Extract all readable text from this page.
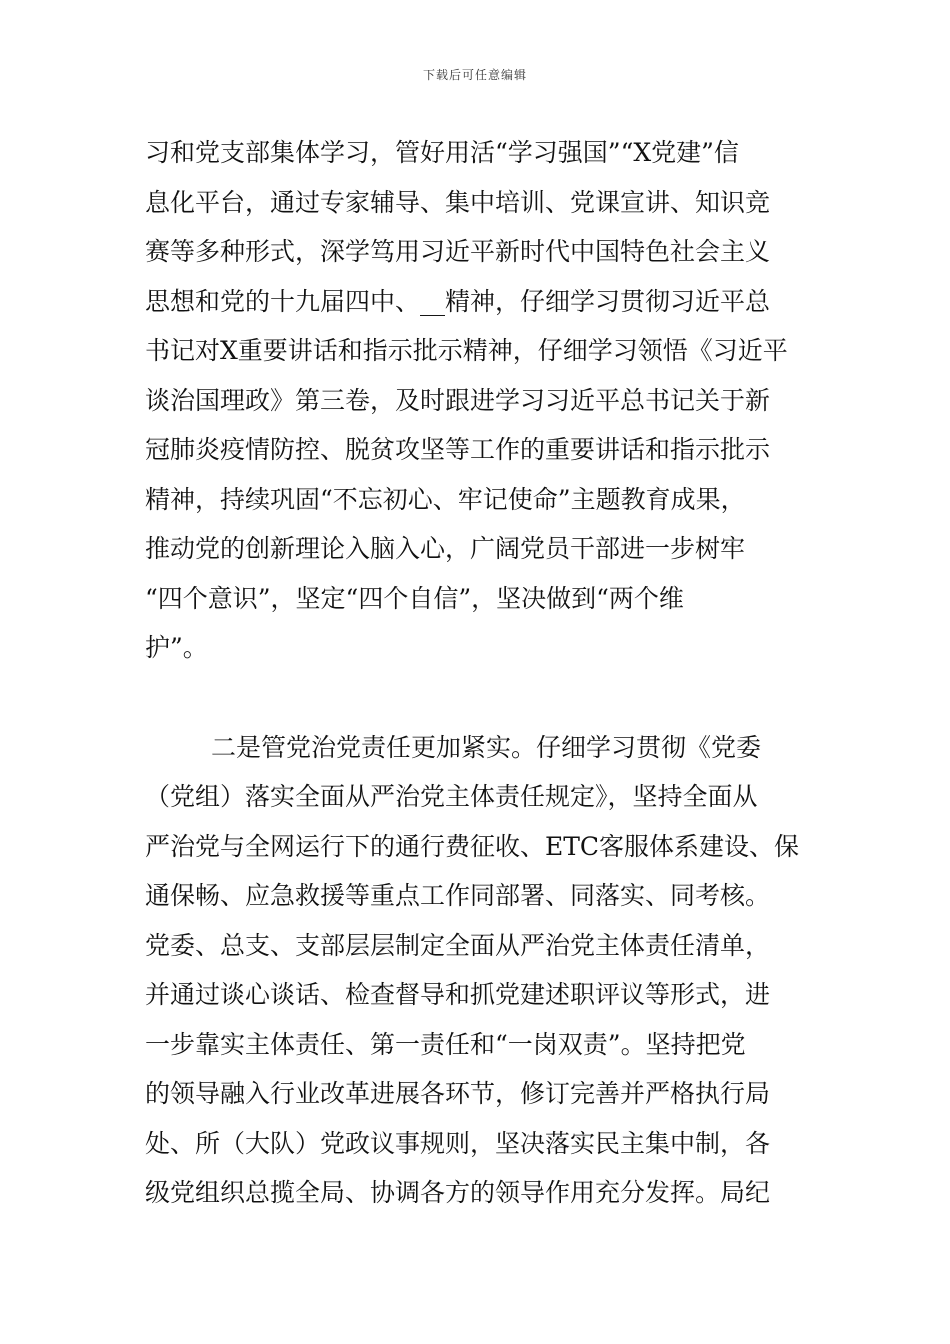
下载后可任意编辑
习和党支部集体学习，管好用活“学习强国”“X党建”信
息化平台，通过专家辅导、集中培训、党课宣讲、知识竞
赛等多种形式，深学笃用习近平新时代中国特色社会主义
思想和党的十九届四中、__精神，仔细学习贯彻习近平总
书记对X重要讲话和指示批示精神，仔细学习领悟《习近平
谈治国理政》第三卷，及时跟进学习习近平总书记关于新
冠肺炎疫情防控、脱贫攻坚等工作的重要讲话和指示批示
精神，持续巩固“不忘初心、牢记使命”主题教育成果，
推动党的创新理论入脑入心，广阔党员干部进一步树牢
“四个意识”，坚定“四个自信”，坚决做到“两个维
护”。
二是管党治党责任更加紧实。仔细学习贯彻《党委
（党组）落实全面从严治党主体责任规定》，坚持全面从
严治党与全网运行下的通行费征收、ETC客服体系建设、保
通保畅、应急救援等重点工作同部署、同落实、同考核。
党委、总支、支部层层制定全面从严治党主体责任清单，
并通过谈心谈话、检查督导和抓党建述职评议等形式，进
一步靠实主体责任、第一责任和“一岗双责”。坚持把党
的领导融入行业改革进展各环节，修订完善并严格执行局
处、所（大队）党政议事规则，坚决落实民主集中制，各
级党组织总揽全局、协调各方的领导作用充分发挥。局纪
